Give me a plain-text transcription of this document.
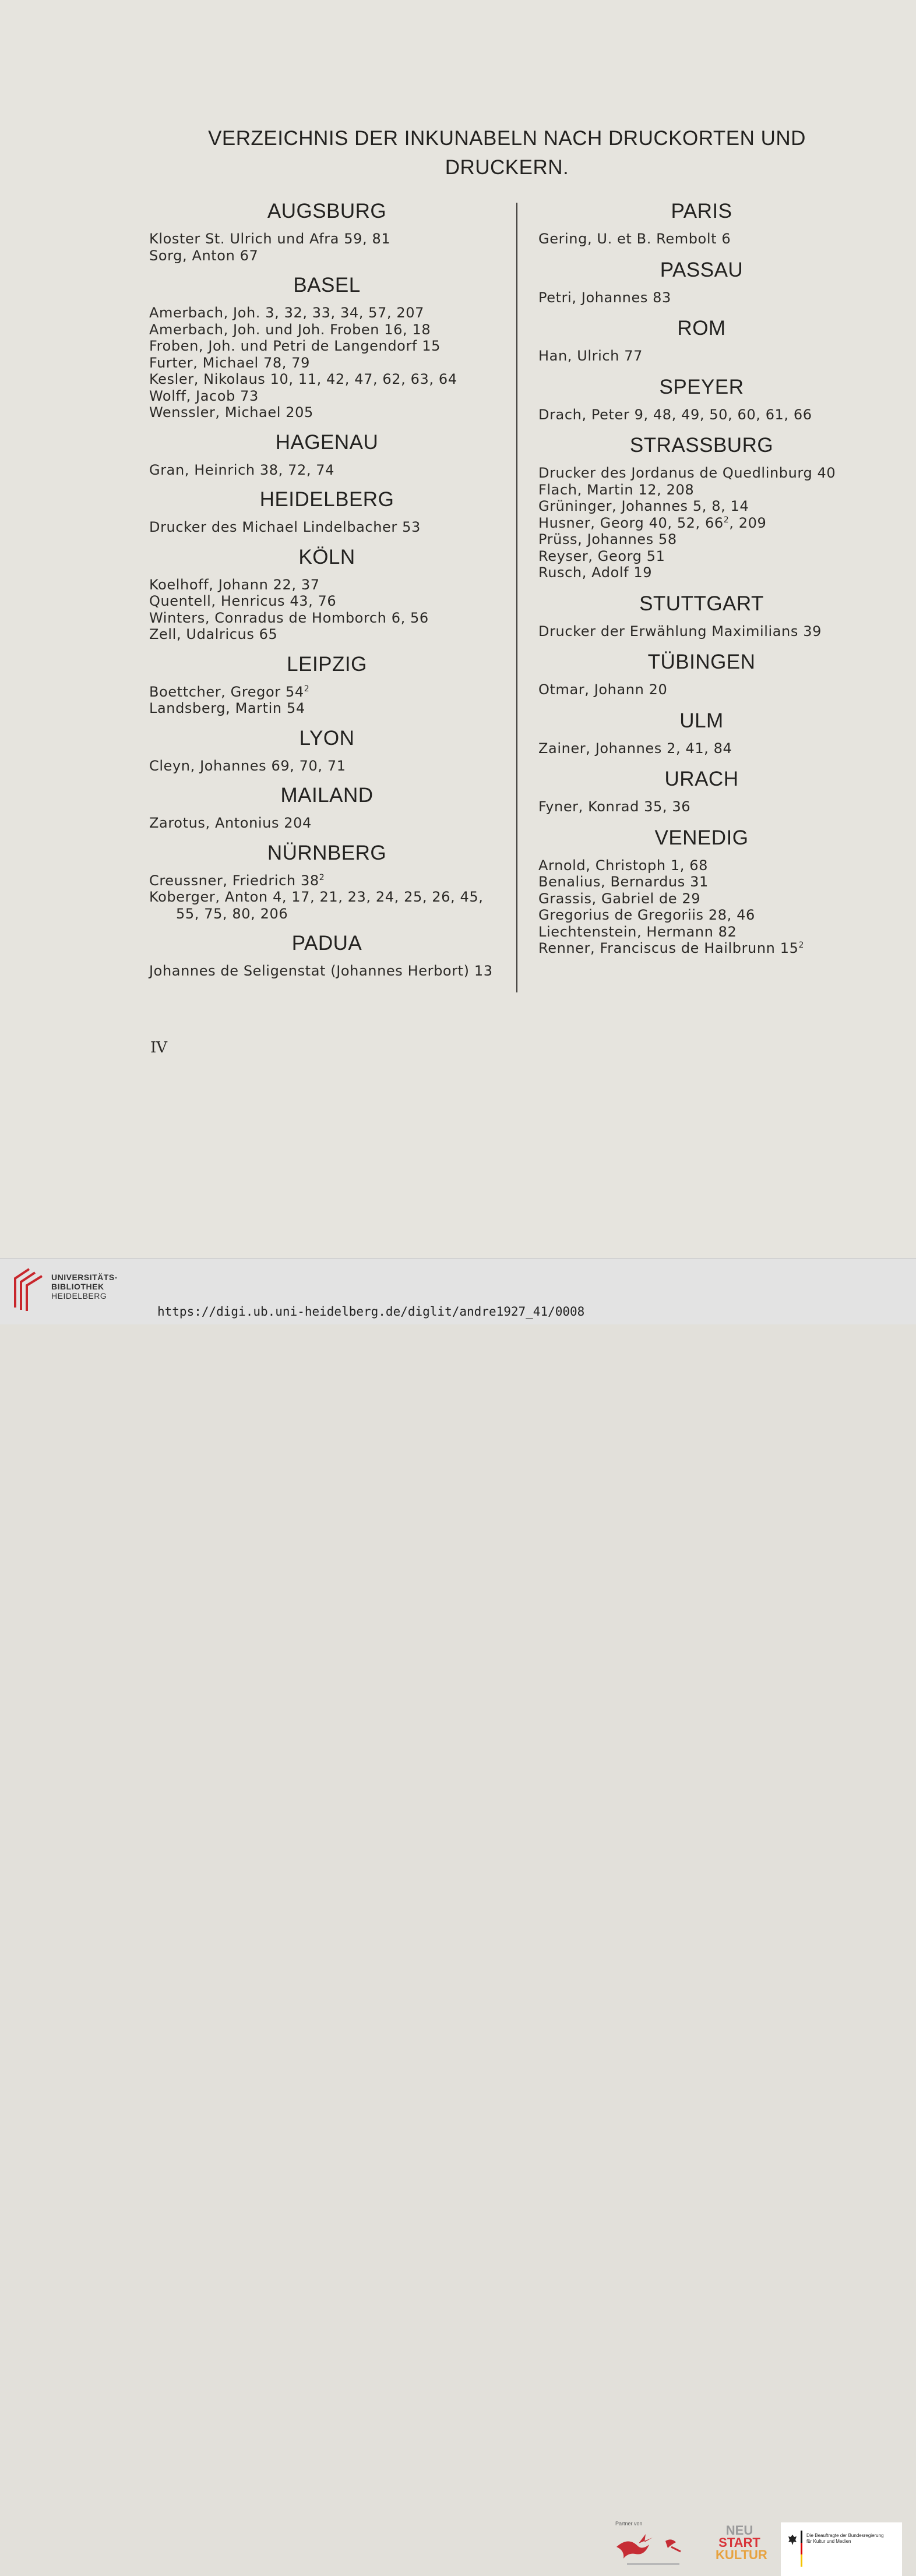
VERZEICHNIS DER INKUNABELN NACH DRUCKORTEN UND
DRUCKERN.
AUGSBURG
Kloster St. Ulrich und Afra 59, 81
Sorg, Anton 67
BASEL
Amerbach, Joh. 3, 32, 33, 34, 57, 207
Amerbach, Joh. und Joh. Froben 16, 18
Froben, Joh. und Petri de Langendorf 15
Furter, Michael 78, 79
Kesler, Nikolaus 10, 11, 42, 47, 62, 63, 64
Wolff, Jacob 73
Wenssler, Michael 205
HAGENAU
Gran, Heinrich 38, 72, 74
HEIDELBERG
Drucker des Michael Lindelbacher 53
KÖLN
Koelhoff, Johann 22, 37
Quentell, Henricus 43, 76
Winters, Conradus de Homborch 6, 56
Zell, Udalricus 65
LEIPZIG
Boettcher, Gregor $54^2$
Landsberg, Martin 54
LYON
Cleyn, Johannes 69, 70, 71
MAILAND
Zarotus, Antonius 204
NÜRNBERG
Creussner, Friedrich $38^2$
Koberger, Anton 4, 17, 21, 23, 24, 25, 26, 45, 55, 75, 80, 206
PADUA
Johannes de Seligenstat (Johannes Herbort) 13
PARIS
Gering, U. et B. Rembolt 6
PASSAU
Petri, Johannes 83
ROM
Han, Ulrich 77
SPEYER
Drach, Peter 9, 48, 49, 50, 60, 61, 66
STRASSBURG
Drucker des Jordanus de Quedlinburg 40
Flach, Martin 12, 208
Grüninger, Johannes 5, 8, 14
Husner, Georg 40, 52, $66^2$, 209
Prüss, Johannes 58
Reyser, Georg 51
Rusch, Adolf 19
STUTTGART
Drucker der Erwählung Maximilians 39
TÜBINGEN
Otmar, Johann 20
ULM
Zainer, Johannes 2, 41, 84
URACH
Fyner, Konrad 35, 36
VENEDIG
Arnold, Christoph 1, 68
Benalius, Bernardus 31
Grassis, Gabriel de 29
Gregorius de Gregoriis 28, 46
Liechtenstein, Hermann 82
Renner, Franciscus de Hailbrunn $15^2$
IV
UNIVERSITÄTS-
BIBLIOTHEK
HEIDELBERG
Partner von	NEU
START
KULTUR
Die Beauftragte der Bundesregierung
für Kultur und Medien
https://digi.ub.uni-heidelberg.de/diglit/andre1927_41/0008
